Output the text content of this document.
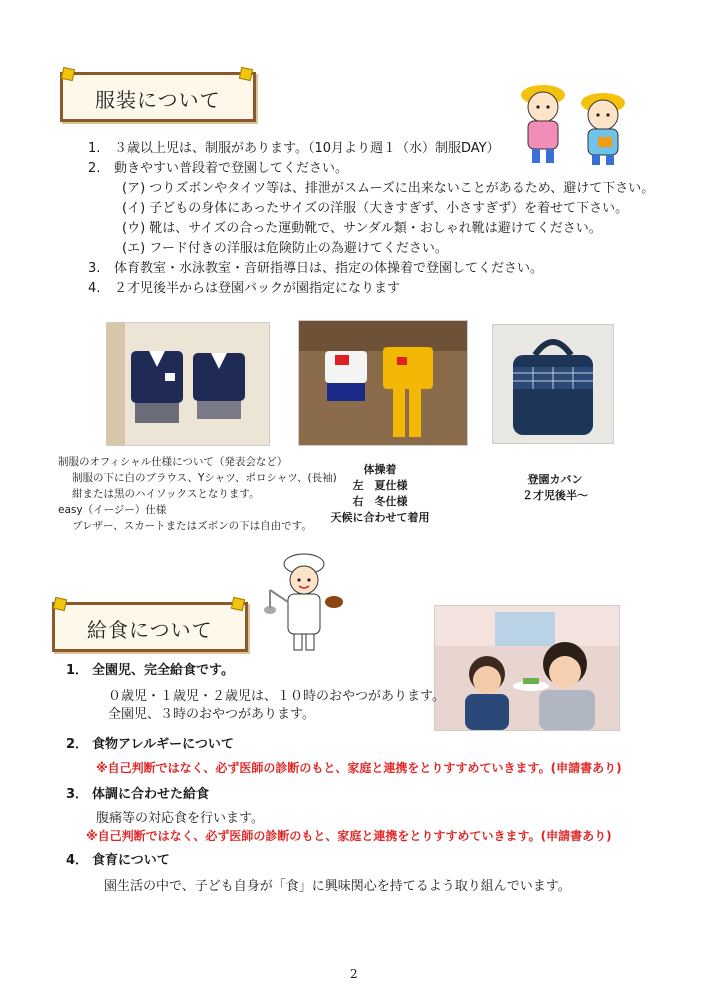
服装について
1. ３歳以上児は、制服があります。（10月より週１（水）制服DAY）
2. 動きやすい普段着で登園してください。
(ア) つりズボンやタイツ等は、排泄がスムーズに出来ないことがあるため、避けて下さい。
(イ) 子どもの身体にあったサイズの洋服（大きすぎず、小さすぎず）を着せて下さい。
(ウ) 靴は、サイズの合った運動靴で、サンダル類・おしゃれ靴は避けてください。
(エ) フード付きの洋服は危険防止の為避けてください。
3. 体育教室・水泳教室・音研指導日は、指定の体操着で登園してください。
4. ２才児後半からは登園バックが園指定になります
制服のオフィシャル仕様について（発表会など）
制服の下に白のブラウス、Yシャツ、ポロシャツ、(長袖)
紺または黒のハイソックスとなります。
easy（イージー）仕様
ブレザー、スカートまたはズボンの下は自由です。
体操着
左　夏仕様
右　冬仕様
天候に合わせて着用
登園カバン
２才児後半～
給食について
1． 全園児、完全給食です。
０歳児・１歳児・２歳児は、１０時のおやつがあります。
全園児、３時のおやつがあります。
2． 食物アレルギーについて
※自己判断ではなく、必ず医師の診断のもと、家庭と連携をとりすすめていきます。(申請書あり)
3． 体調に合わせた給食
腹痛等の対応食を行います。
※自己判断ではなく、必ず医師の診断のもと、家庭と連携をとりすすめていきます。(申請書あり)
4． 食育について
園生活の中で、子ども自身が「食」に興味関心を持てるよう取り組んでいます。
2
